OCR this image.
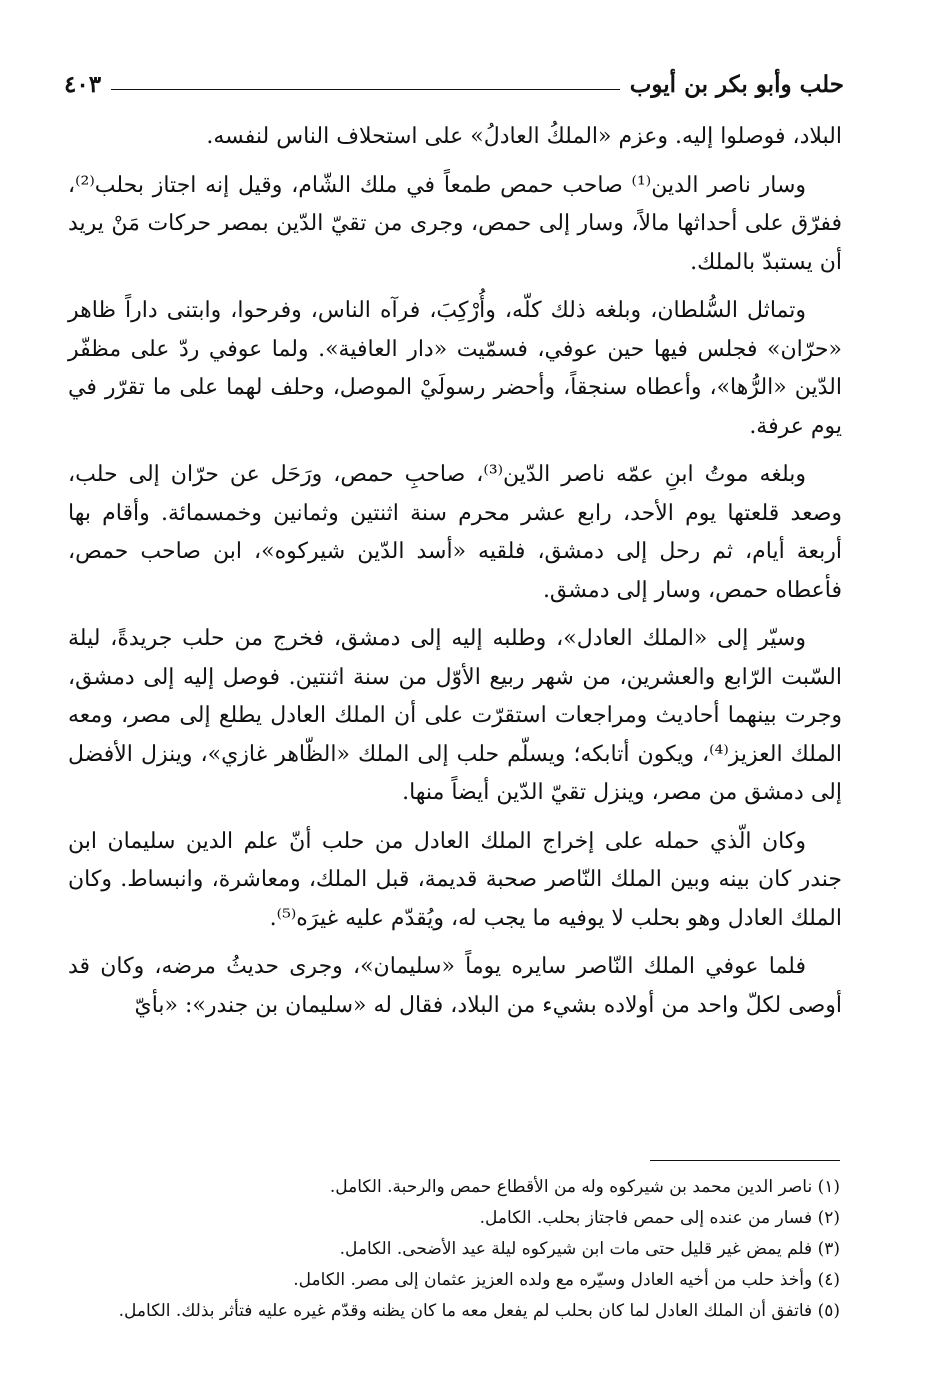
حلب وأبو بكر بن أيوب
٤٠٣

البلاد، فوصلوا إليه. وعزم «الملكُ العادلُ» على استحلاف الناس لنفسه.

وسار ناصر الدين⁽¹⁾ صاحب حمص طمعاً في ملك الشّام، وقيل إنه اجتاز بحلب⁽²⁾، ففرّق على أحداثها مالاً، وسار إلى حمص، وجرى من تقيّ الدّين بمصر حركات مَنْ يريد أن يستبدّ بالملك.

وتماثل السُّلطان، وبلغه ذلك كلّه، وأُرْكِبَ، فرآه الناس، وفرحوا، وابتنى داراً ظاهر «حرّان» فجلس فيها حين عوفي، فسمّيت «دار العافية». ولما عوفي ردّ على مظفّر الدّين «الرُّها»، وأعطاه سنجقاً، وأحضر رسولَيْ الموصل، وحلف لهما على ما تقرّر في يوم عرفة.

وبلغه موتُ ابنِ عمّه ناصر الدّين⁽³⁾، صاحبِ حمص، ورَحَل عن حرّان إلى حلب، وصعد قلعتها يوم الأحد، رابع عشر محرم سنة اثنتين وثمانين وخمسمائة. وأقام بها أربعة أيام، ثم رحل إلى دمشق، فلقيه «أسد الدّين شيركوه»، ابن صاحب حمص، فأعطاه حمص، وسار إلى دمشق.

وسيّر إلى «الملك العادل»، وطلبه إليه إلى دمشق، فخرج من حلب جريدةً، ليلة السّبت الرّابع والعشرين، من شهر ربيع الأوّل من سنة اثنتين. فوصل إليه إلى دمشق، وجرت بينهما أحاديث ومراجعات استقرّت على أن الملك العادل يطلع إلى مصر، ومعه الملك العزيز⁽⁴⁾، ويكون أتابكه؛ ويسلّم حلب إلى الملك «الظّاهر غازي»، وينزل الأفضل إلى دمشق من مصر، وينزل تقيّ الدّين أيضاً منها.

وكان الّذي حمله على إخراج الملك العادل من حلب أنّ علم الدين سليمان ابن جندر كان بينه وبين الملك النّاصر صحبة قديمة، قبل الملك، ومعاشرة، وانبساط. وكان الملك العادل وهو بحلب لا يوفيه ما يجب له، ويُقدّم عليه غيرَه⁽⁵⁾.

فلما عوفي الملك النّاصر سايره يوماً «سليمان»، وجرى حديثُ مرضه، وكان قد أوصى لكلّ واحد من أولاده بشيء من البلاد، فقال له «سليمان بن جندر»: «بأيّ

(١) ناصر الدين محمد بن شيركوه وله من الأقطاع حمص والرحبة. الكامل.

(٢) فسار من عنده إلى حمص فاجتاز بحلب. الكامل.

(٣) فلم يمض غير قليل حتى مات ابن شيركوه ليلة عيد الأضحى. الكامل.

(٤) وأخذ حلب من أخيه العادل وسيّره مع ولده العزيز عثمان إلى مصر. الكامل.

(٥) فاتفق أن الملك العادل لما كان بحلب لم يفعل معه ما كان يظنه وقدّم غيره عليه فتأثر بذلك. الكامل.
